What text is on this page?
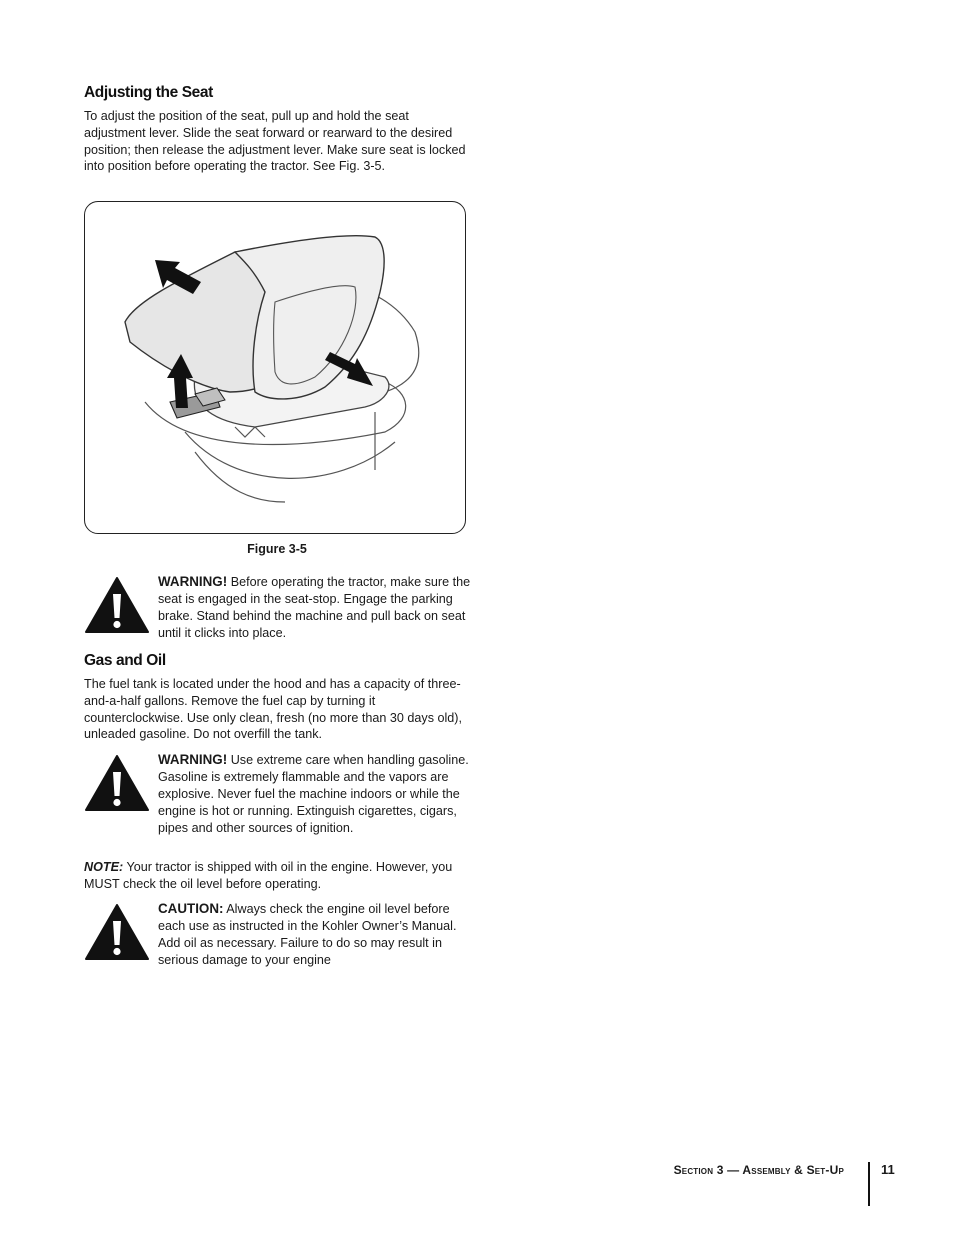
Adjusting the Seat

To adjust the position of the seat, pull up and hold the seat adjustment lever. Slide the seat forward or rearward to the desired position; then release the adjustment lever. Make sure seat is locked into position before operating the tractor. See Fig. 3-5.

Figure 3-5
WARNING! Before operating the tractor, make sure the seat is engaged in the seat-stop. Engage the parking brake. Stand behind the machine and pull back on seat until it clicks into place.
Gas and Oil

The fuel tank is located under the hood and has a capacity of three-and-a-half gallons. Remove the fuel cap by turning it counterclockwise. Use only clean, fresh (no more than 30 days old), unleaded gasoline. Do not overfill the tank.

WARNING! Use extreme care when handling gasoline. Gasoline is extremely flammable and the vapors are explosive. Never fuel the machine indoors or while the engine is hot or running. Extinguish cigarettes, cigars, pipes and other sources of ignition.

NOTE: Your tractor is shipped with oil in the engine. However, you MUST check the oil level before operating.

CAUTION: Always check the engine oil level before each use as instructed in the Kohler Owner’s Manual. Add oil as necessary. Failure to do so may result in serious damage to your engine
Section 3 — Assembly & Set-Up	11
